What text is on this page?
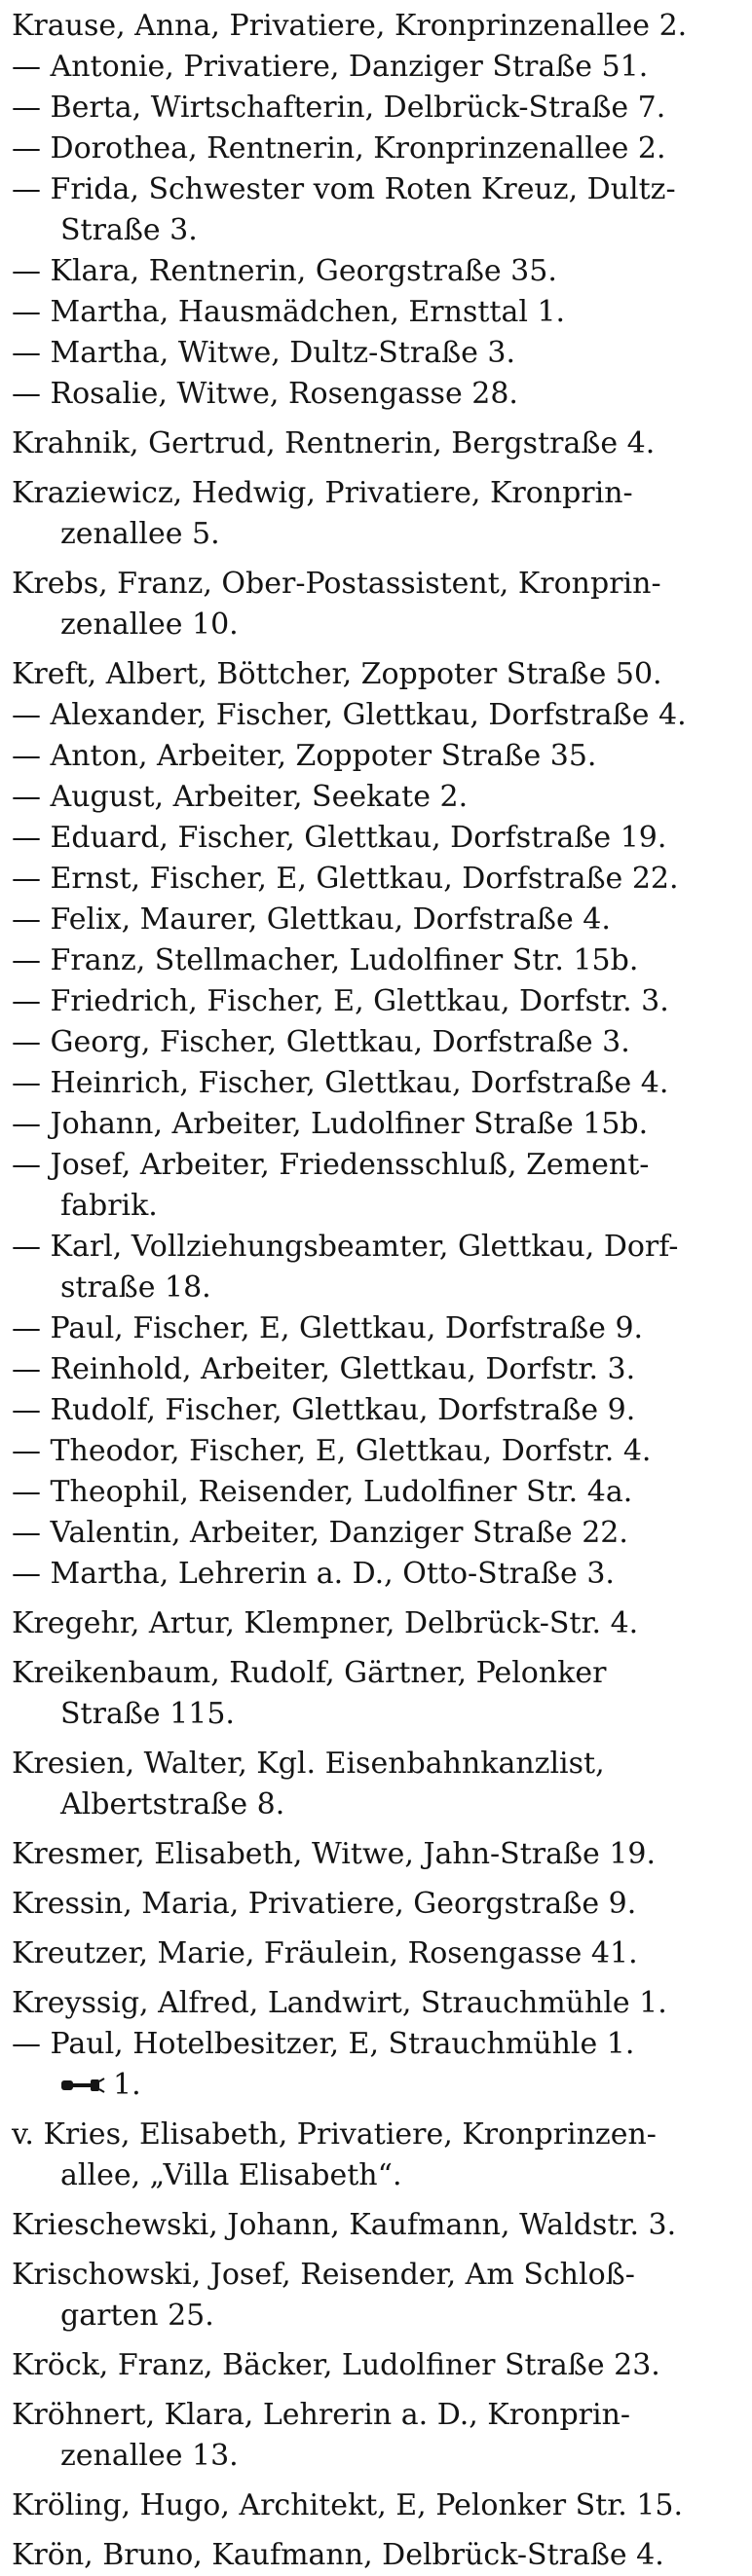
Krause, Anna, Privatiere, Kronprinzenallee 2.
— Antonie, Privatiere, Danziger Straße 51.
— Berta, Wirtschafterin, Delbrück-Straße 7.
— Dorothea, Rentnerin, Kronprinzenallee 2.
— Frida, Schwester vom Roten Kreuz, Dultz-
Straße 3.
— Klara, Rentnerin, Georgstraße 35.
— Martha, Hausmädchen, Ernsttal 1.
— Martha, Witwe, Dultz-Straße 3.
— Rosalie, Witwe, Rosengasse 28.
Krahnik, Gertrud, Rentnerin, Bergstraße 4.
Kraziewicz, Hedwig, Privatiere, Kronprin-
zenallee 5.
Krebs, Franz, Ober-Postassistent, Kronprin-
zenallee 10.
Kreft, Albert, Böttcher, Zoppoter Straße 50.
— Alexander, Fischer, Glettkau, Dorfstraße 4.
— Anton, Arbeiter, Zoppoter Straße 35.
— August, Arbeiter, Seekate 2.
— Eduard, Fischer, Glettkau, Dorfstraße 19.
— Ernst, Fischer, E, Glettkau, Dorfstraße 22.
— Felix, Maurer, Glettkau, Dorfstraße 4.
— Franz, Stellmacher, Ludolfiner Str. 15b.
— Friedrich, Fischer, E, Glettkau, Dorfstr. 3.
— Georg, Fischer, Glettkau, Dorfstraße 3.
— Heinrich, Fischer, Glettkau, Dorfstraße 4.
— Johann, Arbeiter, Ludolfiner Straße 15b.
— Josef, Arbeiter, Friedensschluß, Zement-
fabrik.
— Karl, Vollziehungsbeamter, Glettkau, Dorf-
straße 18.
— Paul, Fischer, E, Glettkau, Dorfstraße 9.
— Reinhold, Arbeiter, Glettkau, Dorfstr. 3.
— Rudolf, Fischer, Glettkau, Dorfstraße 9.
— Theodor, Fischer, E, Glettkau, Dorfstr. 4.
— Theophil, Reisender, Ludolfiner Str. 4a.
— Valentin, Arbeiter, Danziger Straße 22.
— Martha, Lehrerin a. D., Otto-Straße 3.
Kregehr, Artur, Klempner, Delbrück-Str. 4.
Kreikenbaum, Rudolf, Gärtner, Pelonker
Straße 115.
Kresien, Walter, Kgl. Eisenbahnkanzlist,
Albertstraße 8.
Kresmer, Elisabeth, Witwe, Jahn-Straße 19.
Kressin, Maria, Privatiere, Georgstraße 9.
Kreutzer, Marie, Fräulein, Rosengasse 41.
Kreyssig, Alfred, Landwirt, Strauchmühle 1.
— Paul, Hotelbesitzer, E, Strauchmühle 1.
1.
v. Kries, Elisabeth, Privatiere, Kronprinzen-
allee, „Villa Elisabeth“.
Krieschewski, Johann, Kaufmann, Waldstr. 3.
Krischowski, Josef, Reisender, Am Schloß-
garten 25.
Kröck, Franz, Bäcker, Ludolfiner Straße 23.
Kröhnert, Klara, Lehrerin a. D., Kronprin-
zenallee 13.
Kröling, Hugo, Architekt, E, Pelonker Str. 15.
Krön, Bruno, Kaufmann, Delbrück-Straße 4.
